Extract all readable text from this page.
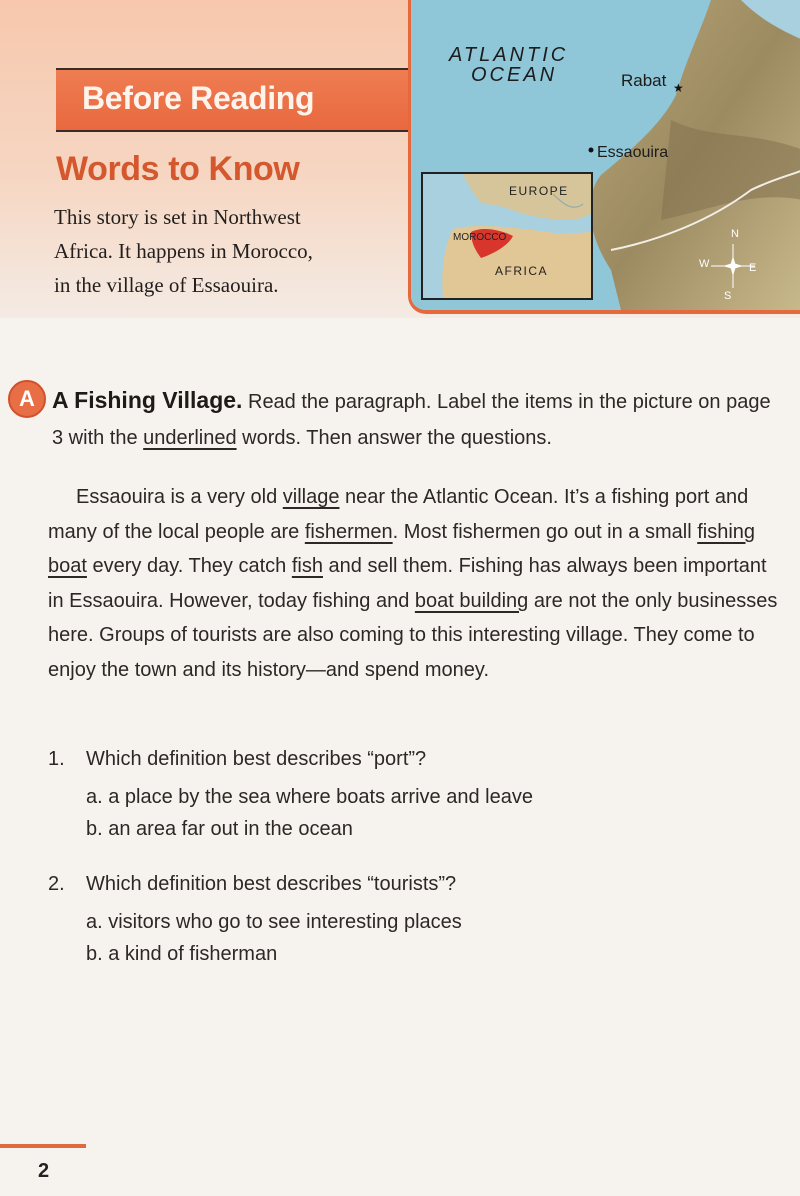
Before Reading
Words to Know
This story is set in Northwest
Africa. It happens in Morocco,
in the village of Essaouira.
★
ATLANTIC
OCEAN	Rabat
Essaouira
EUROPE
MOROCCO
AFRICA
N
S
W	E
A A Fishing Village. Read the paragraph. Label the items in the picture on page 3 with the underlined words. Then answer the questions.
Essaouira is a very old village near the Atlantic Ocean. It’s a fishing port and many of the local people are fishermen. Most fishermen go out in a small fishing boat every day. They catch fish and sell them. Fishing has always been important in Essaouira. However, today fishing and boat building are not the only businesses here. Groups of tourists are also coming to this interesting village. They come to enjoy the town and its history—and spend money.
1. Which definition best describes “port”?
a. a place by the sea where boats arrive and leave
b. an area far out in the ocean
2. Which definition best describes “tourists”?
a. visitors who go to see interesting places
b. a kind of fisherman
2
